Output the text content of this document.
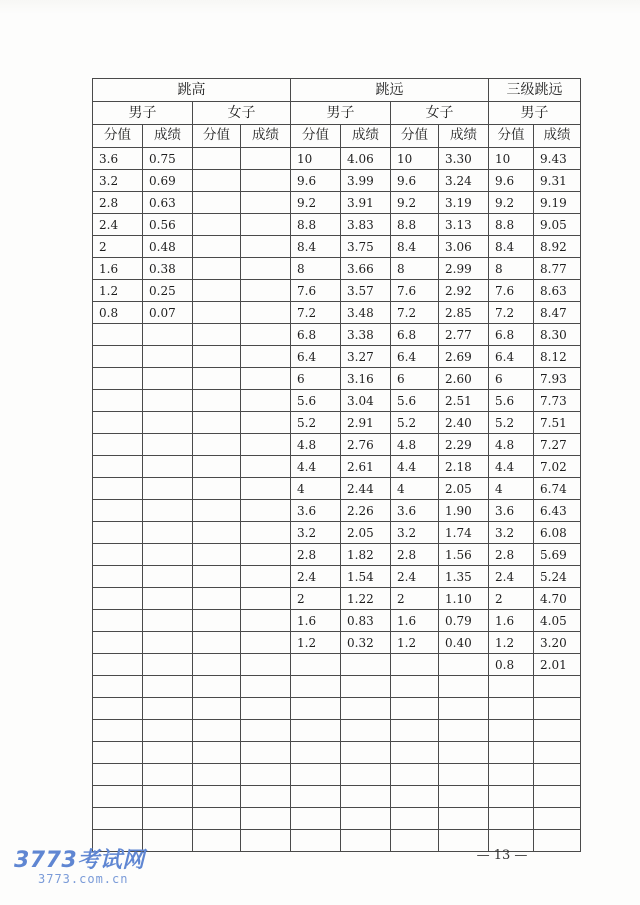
跳高				跳远				三级跳远	
男子		女子		男子		女子		男子	
分值	成绩	分值	成绩	分值	成绩	分值	成绩	分值	成绩
3.6	0.75			10	4.06	10	3.30	10	9.43
3.2	0.69			9.6	3.99	9.6	3.24	9.6	9.31
2.8	0.63			9.2	3.91	9.2	3.19	9.2	9.19
2.4	0.56			8.8	3.83	8.8	3.13	8.8	9.05
2	0.48			8.4	3.75	8.4	3.06	8.4	8.92
1.6	0.38			8	3.66	8	2.99	8	8.77
1.2	0.25			7.6	3.57	7.6	2.92	7.6	8.63
0.8	0.07			7.2	3.48	7.2	2.85	7.2	8.47
				6.8	3.38	6.8	2.77	6.8	8.30
				6.4	3.27	6.4	2.69	6.4	8.12
				6	3.16	6	2.60	6	7.93
				5.6	3.04	5.6	2.51	5.6	7.73
				5.2	2.91	5.2	2.40	5.2	7.51
				4.8	2.76	4.8	2.29	4.8	7.27
				4.4	2.61	4.4	2.18	4.4	7.02
				4	2.44	4	2.05	4	6.74
				3.6	2.26	3.6	1.90	3.6	6.43
				3.2	2.05	3.2	1.74	3.2	6.08
				2.8	1.82	2.8	1.56	2.8	5.69
				2.4	1.54	2.4	1.35	2.4	5.24
				2	1.22	2	1.10	2	4.70
				1.6	0.83	1.6	0.79	1.6	4.05
				1.2	0.32	1.2	0.40	1.2	3.20
								0.8	2.01

— 13 —
3773考试网
3773.com.cn
